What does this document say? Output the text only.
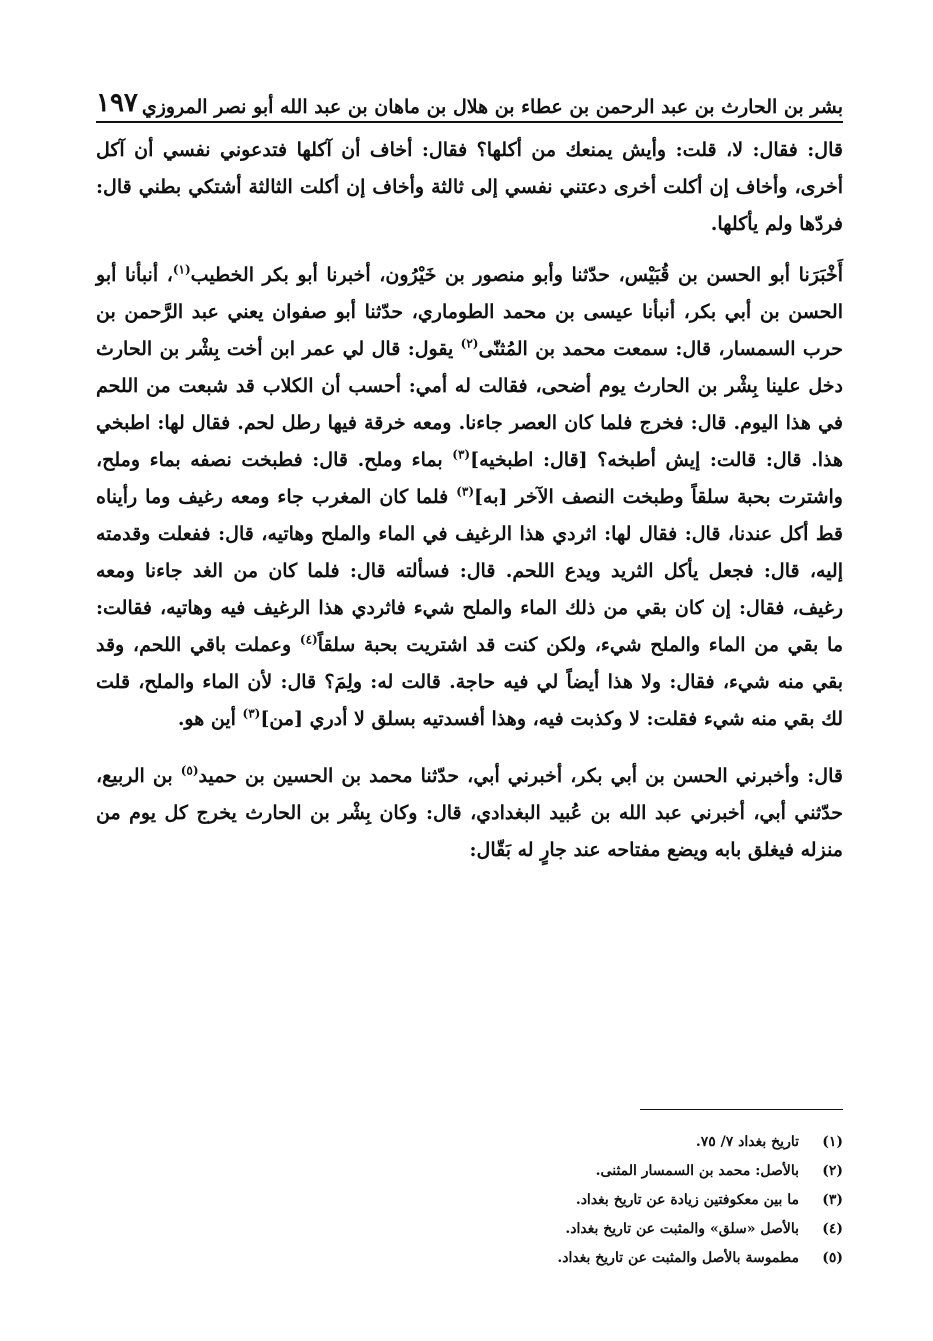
١٩٧ بشر بن الحارث بن عبد الرحمن بن عطاء بن هلال بن ماهان بن عبد الله أبو نصر المروزي

قال: فقال: لا، قلت: وأيش يمنعك من أكلها؟ فقال: أخاف أن آكلها فتدعوني نفسي أن آكل أخرى، وأخاف إن أكلت أخرى دعتني نفسي إلى ثالثة وأخاف إن أكلت الثالثة أشتكي بطني قال: فردّها ولم يأكلها.

أَخْبَرَنا أبو الحسن بن قُبَيْس، حدّثنا وأبو منصور بن خَيْرُون، أخبرنا أبو بكر الخطيب$^{(١)}$، أنبأنا أبو الحسن بن أبي بكر، أنبأنا عيسى بن محمد الطوماري، حدّثنا أبو صفوان يعني عبد الرَّحمن بن حرب السمسار، قال: سمعت محمد بن المُثنّى$^{(٢)}$ يقول: قال لي عمر ابن أخت بِشْر بن الحارث دخل علينا بِشْر بن الحارث يوم أضحى، فقالت له أمي: أحسب أن الكلاب قد شبعت من اللحم في هذا اليوم. قال: فخرج فلما كان العصر جاءنا. ومعه خرقة فيها رطل لحم. فقال لها: اطبخي هذا. قال: قالت: إيش أطبخه؟ [قال: اطبخيه]$^{(٣)}$ بماء وملح. قال: فطبخت نصفه بماء وملح، واشترت بحبة سلقاً وطبخت النصف الآخر [به]$^{(٣)}$ فلما كان المغرب جاء ومعه رغيف وما رأيناه قط أكل عندنا، قال: فقال لها: اثردي هذا الرغيف في الماء والملح وهاتيه، قال: ففعلت وقدمته إليه، قال: فجعل يأكل الثريد ويدع اللحم. قال: فسألته قال: فلما كان من الغد جاءنا ومعه رغيف، فقال: إن كان بقي من ذلك الماء والملح شيء فاثردي هذا الرغيف فيه وهاتيه، فقالت: ما بقي من الماء والملح شيء، ولكن كنت قد اشتريت بحبة سلقاً$^{(٤)}$ وعملت باقي اللحم، وقد بقي منه شيء، فقال: ولا هذا أيضاً لي فيه حاجة. قالت له: ولِمَ؟ قال: لأن الماء والملح، قلت لك بقي منه شيء فقلت: لا وكذبت فيه، وهذا أفسدتيه بسلق لا أدري [من]$^{(٣)}$ أين هو.

قال: وأخبرني الحسن بن أبي بكر، أخبرني أبي، حدّثنا محمد بن الحسين بن حميد$^{(٥)}$ بن الربيع، حدّثني أبي، أخبرني عبد الله بن عُبيد البغدادي، قال: وكان بِشْر بن الحارث يخرج كل يوم من منزله فيغلق بابه ويضع مفتاحه عند جارٍ له بَقّال:

(١)
تاريخ بغداد ٧/ ٧٥.
(٢)
بالأصل: محمد بن السمسار المثنى.
(٣)
ما بين معكوفتين زيادة عن تاريخ بغداد.
(٤)
بالأصل «سلق» والمثبت عن تاريخ بغداد.
(٥)
مطموسة بالأصل والمثبت عن تاريخ بغداد.
